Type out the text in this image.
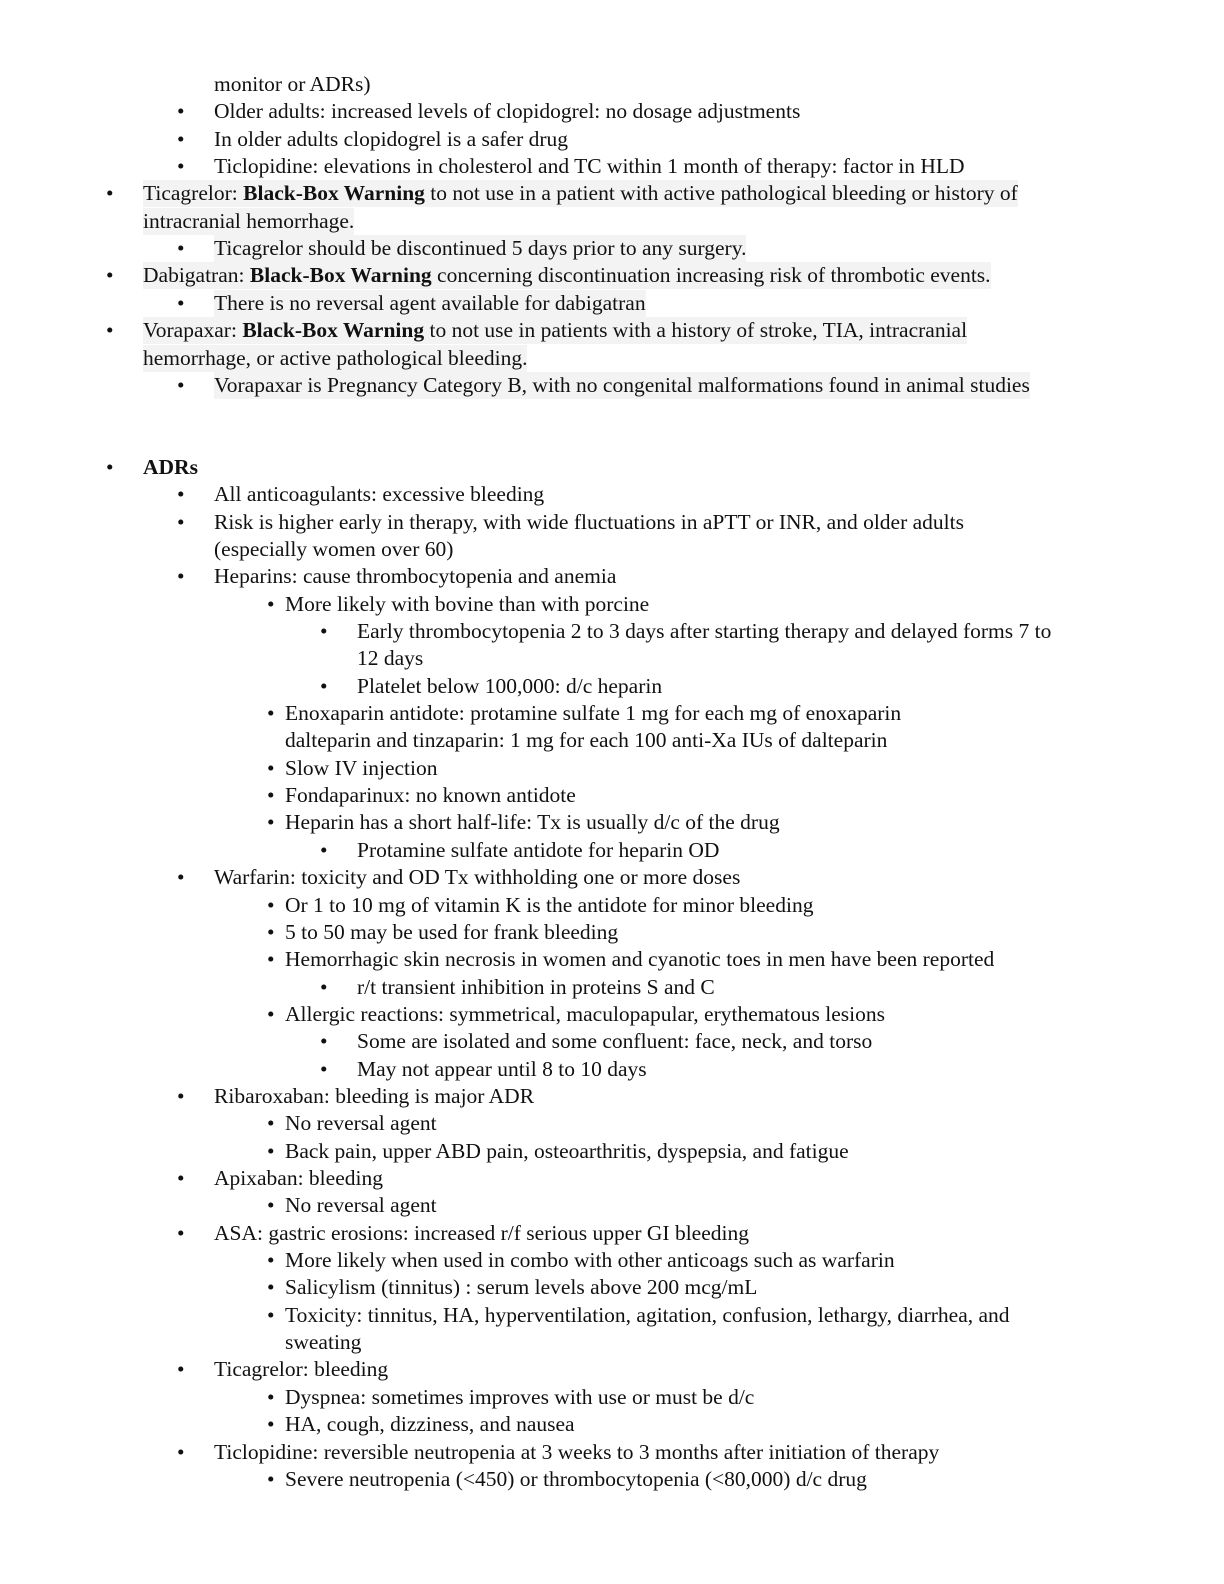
monitor or ADRs)
• Older adults: increased levels of clopidogrel: no dosage adjustments
• In older adults clopidogrel is a safer drug
• Ticlopidine: elevations in cholesterol and TC within 1 month of therapy: factor in HLD
• Ticagrelor: Black-Box Warning to not use in a patient with active pathological bleeding or history of
intracranial hemorrhage.
• Ticagrelor should be discontinued 5 days prior to any surgery.
• Dabigatran: Black-Box Warning concerning discontinuation increasing risk of thrombotic events.
• There is no reversal agent available for dabigatran
• Vorapaxar: Black-Box Warning to not use in patients with a history of stroke, TIA, intracranial
hemorrhage, or active pathological bleeding.
• Vorapaxar is Pregnancy Category B, with no congenital malformations found in animal studies
• ADRs
• All anticoagulants: excessive bleeding
• Risk is higher early in therapy, with wide fluctuations in aPTT or INR, and older adults
(especially women over 60)
• Heparins: cause thrombocytopenia and anemia
• More likely with bovine than with porcine
• Early thrombocytopenia 2 to 3 days after starting therapy and delayed forms 7 to
12 days
• Platelet below 100,000: d/c heparin
• Enoxaparin antidote: protamine sulfate 1 mg for each mg of enoxaparin
dalteparin and tinzaparin: 1 mg for each 100 anti-Xa IUs of dalteparin
• Slow IV injection
• Fondaparinux: no known antidote
• Heparin has a short half-life: Tx is usually d/c of the drug
• Protamine sulfate antidote for heparin OD
• Warfarin: toxicity and OD Tx withholding one or more doses
• Or 1 to 10 mg of vitamin K is the antidote for minor bleeding
• 5 to 50 may be used for frank bleeding
• Hemorrhagic skin necrosis in women and cyanotic toes in men have been reported
• r/t transient inhibition in proteins S and C
• Allergic reactions: symmetrical, maculopapular, erythematous lesions
• Some are isolated and some confluent: face, neck, and torso
• May not appear until 8 to 10 days
• Ribaroxaban: bleeding is major ADR
• No reversal agent
• Back pain, upper ABD pain, osteoarthritis, dyspepsia, and fatigue
• Apixaban: bleeding
• No reversal agent
• ASA: gastric erosions: increased r/f serious upper GI bleeding
• More likely when used in combo with other anticoags such as warfarin
• Salicylism (tinnitus) : serum levels above 200 mcg/mL
• Toxicity: tinnitus, HA, hyperventilation, agitation, confusion, lethargy, diarrhea, and
sweating
• Ticagrelor: bleeding
• Dyspnea: sometimes improves with use or must be d/c
• HA, cough, dizziness, and nausea
• Ticlopidine: reversible neutropenia at 3 weeks to 3 months after initiation of therapy
• Severe neutropenia (<450) or thrombocytopenia (<80,000) d/c drug
